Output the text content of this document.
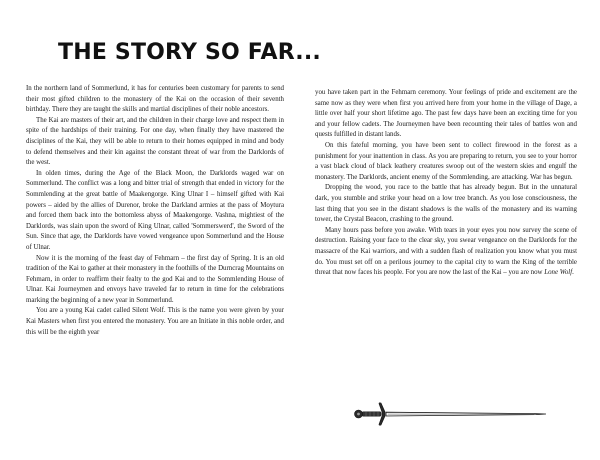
THE STORY SO FAR...

In the northern land of Sommerlund, it has for centuries been customary for parents to send their most gifted children to the monastery of the Kai on the occasion of their seventh birthday. There they are taught the skills and martial disciplines of their noble ancestors.

The Kai are masters of their art, and the children in their charge love and respect them in spite of the hardships of their training. For one day, when finally they have mastered the disciplines of the Kai, they will be able to return to their homes equipped in mind and body to defend themselves and their kin against the constant threat of war from the Darklords of the west.

In olden times, during the Age of the Black Moon, the Darklords waged war on Sommerlund. The conflict was a long and bitter trial of strength that ended in victory for the Sommlending at the great battle of Maakengorge. King Ulnar I – himself gifted with Kai powers – aided by the allies of Durenor, broke the Darkland armies at the pass of Moytura and forced them back into the bottomless abyss of Maakengorge. Vashna, mightiest of the Darklords, was slain upon the sword of King Ulnar, called 'Sommerswerd', the Sword of the Sun. Since that age, the Darklords have vowed vengeance upon Sommerlund and the House of Ulnar.

Now it is the morning of the feast day of Fehmarn – the first day of Spring. It is an old tradition of the Kai to gather at their monastery in the foothills of the Durncrag Mountains on Fehmarn, in order to reaffirm their fealty to the god Kai and to the Sommlending House of Ulnar. Kai Journeymen and envoys have traveled far to return in time for the celebrations marking the beginning of a new year in Sommerlund.

You are a young Kai cadet called Silent Wolf. This is the name you were given by your Kai Masters when first you entered the monastery. You are an Initiate in this noble order, and this will be the eighth year

you have taken part in the Fehmarn ceremony. Your feelings of pride and excitement are the same now as they were when first you arrived here from your home in the village of Dage, a little over half your short lifetime ago. The past few days have been an exciting time for you and your fellow cadets. The Journeymen have been recounting their tales of battles won and quests fulfilled in distant lands.

On this fateful morning, you have been sent to collect firewood in the forest as a punishment for your inattention in class. As you are preparing to return, you see to your horror a vast black cloud of black leathery creatures swoop out of the western skies and engulf the monastery. The Darklords, ancient enemy of the Sommlending, are attacking. War has begun.

Dropping the wood, you race to the battle that has already begun. But in the unnatural dark, you stumble and strike your head on a low tree branch. As you lose consciousness, the last thing that you see in the distant shadows is the walls of the monastery and its warning tower, the Crystal Beacon, crashing to the ground.

Many hours pass before you awake. With tears in your eyes you now survey the scene of destruction. Raising your face to the clear sky, you swear vengeance on the Darklords for the massacre of the Kai warriors, and with a sudden flash of realization you know what you must do. You must set off on a perilous journey to the capital city to warn the King of the terrible threat that now faces his people. For you are now the last of the Kai – you are now Lone Wolf.
